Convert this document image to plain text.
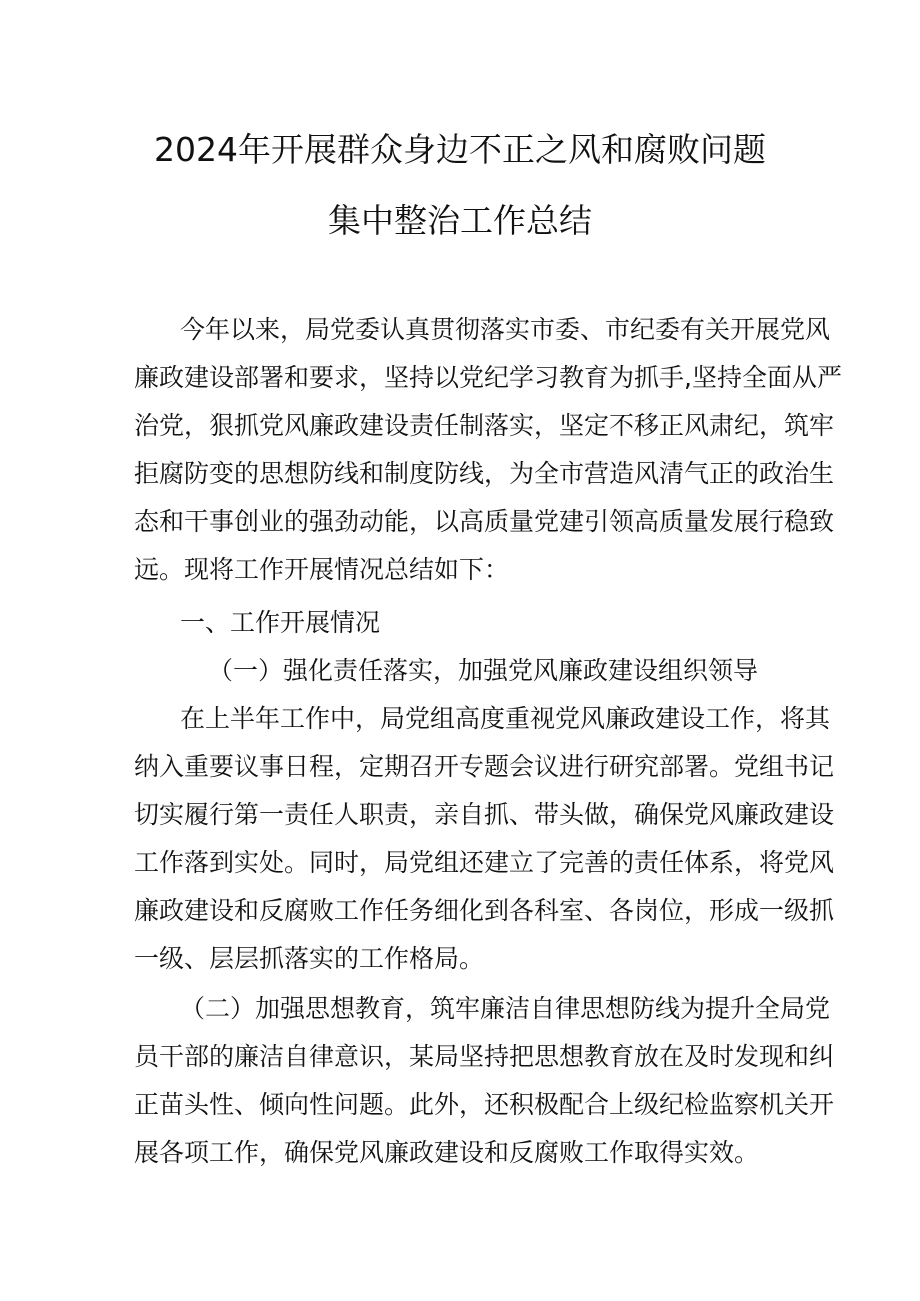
2024年开展群众身边不正之风和腐败问题
集中整治工作总结
今年以来，局党委认真贯彻落实市委、市纪委有关开展党风
廉政建设部署和要求，坚持以党纪学习教育为抓手,坚持全面从严
治党，狠抓党风廉政建设责任制落实，坚定不移正风肃纪，筑牢
拒腐防变的思想防线和制度防线，为全市营造风清气正的政治生
态和干事创业的强劲动能，以高质量党建引领高质量发展行稳致
远。现将工作开展情况总结如下：
一、工作开展情况
（一）强化责任落实，加强党风廉政建设组织领导
在上半年工作中，局党组高度重视党风廉政建设工作，将其
纳入重要议事日程，定期召开专题会议进行研究部署。党组书记
切实履行第一责任人职责，亲自抓、带头做，确保党风廉政建设
工作落到实处。同时，局党组还建立了完善的责任体系，将党风
廉政建设和反腐败工作任务细化到各科室、各岗位，形成一级抓
一级、层层抓落实的工作格局。
（二）加强思想教育，筑牢廉洁自律思想防线为提升全局党
员干部的廉洁自律意识，某局坚持把思想教育放在及时发现和纠
正苗头性、倾向性问题。此外，还积极配合上级纪检监察机关开
展各项工作，确保党风廉政建设和反腐败工作取得实效。
